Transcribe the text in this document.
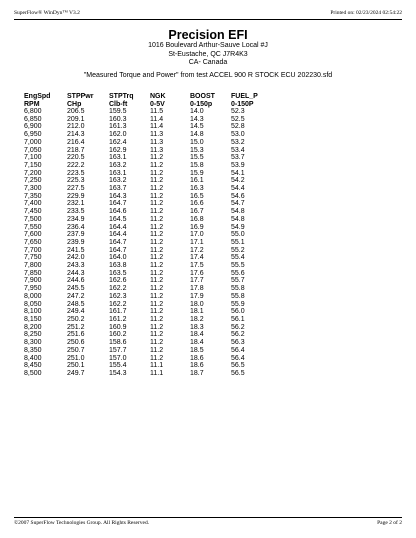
SuperFlow® WinDyn™ V3.2	Printed on: 02/23/2024 02:54:22
Precision EFI
1016 Boulevard Arthur-Sauve Local #J
St-Eustache, QC J7R4K3
CA- Canada
"Measured Torque and Power" from test ACCEL 900 R STOCK ECU 202230.sfd
EngSpd	STPPwr	STPTrq	NGK	BOOST	FUEL_P
RPM	CHp	Clb-ft	0-5V	0-150p	0-150P
6,800	206.5	159.5	11.5	14.0	52.3
6,850	209.1	160.3	11.4	14.3	52.5
6,900	212.0	161.3	11.4	14.5	52.8
6,950	214.3	162.0	11.3	14.8	53.0
7,000	216.4	162.4	11.3	15.0	53.2
7,050	218.7	162.9	11.3	15.3	53.4
7,100	220.5	163.1	11.2	15.5	53.7
7,150	222.2	163.2	11.2	15.8	53.9
7,200	223.5	163.1	11.2	15.9	54.1
7,250	225.3	163.2	11.2	16.1	54.2
7,300	227.5	163.7	11.2	16.3	54.4
7,350	229.9	164.3	11.2	16.5	54.6
7,400	232.1	164.7	11.2	16.6	54.7
7,450	233.5	164.6	11.2	16.7	54.8
7,500	234.9	164.5	11.2	16.8	54.8
7,550	236.4	164.4	11.2	16.9	54.9
7,600	237.9	164.4	11.2	17.0	55.0
7,650	239.9	164.7	11.2	17.1	55.1
7,700	241.5	164.7	11.2	17.2	55.2
7,750	242.0	164.0	11.2	17.4	55.4
7,800	243.3	163.8	11.2	17.5	55.5
7,850	244.3	163.5	11.2	17.6	55.6
7,900	244.6	162.6	11.2	17.7	55.7
7,950	245.5	162.2	11.2	17.8	55.8
8,000	247.2	162.3	11.2	17.9	55.8
8,050	248.5	162.2	11.2	18.0	55.9
8,100	249.4	161.7	11.2	18.1	56.0
8,150	250.2	161.2	11.2	18.2	56.1
8,200	251.2	160.9	11.2	18.3	56.2
8,250	251.6	160.2	11.2	18.4	56.2
8,300	250.6	158.6	11.2	18.4	56.3
8,350	250.7	157.7	11.2	18.5	56.4
8,400	251.0	157.0	11.2	18.6	56.4
8,450	250.1	155.4	11.1	18.6	56.5
8,500	249.7	154.3	11.1	18.7	56.5
©2007 SuperFlow Technologies Group. All Rights Reserved.	Page 2 of 2
